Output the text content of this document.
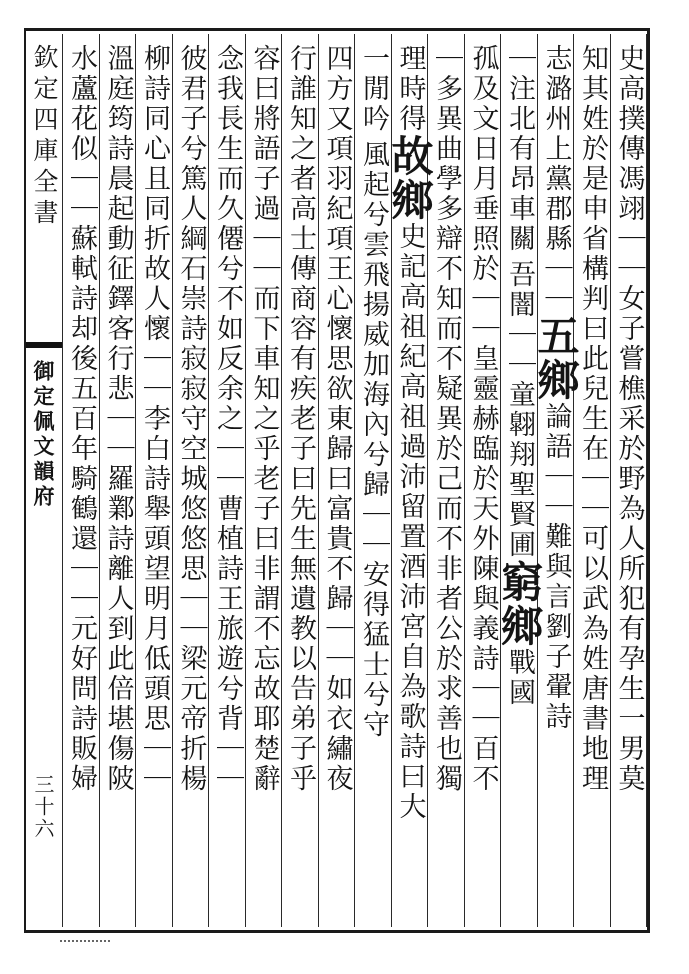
欽定四庫全書
御定佩文韻府
三十六
史高撲傳馮翊｜｜女子嘗樵采於野為人所犯有孕生一男莫
知其姓於是申省構判曰此兒生在｜｜可以武為姓唐書地理
志潞州上黨郡縣｜｜五鄉論語｜｜難與言劉子翬詩
｜注北有昂車關吾闇｜｜童翺翔聖賢圃窮鄉戰國
孤及文日月垂照於｜｜皇靈赫臨於天外陳與義詩｜｜百不
｜多異曲學多辯不知而不疑異於己而不非者公於求善也獨
理時得故鄉史記高祖紀高祖過沛留置酒沛宮自為歌詩曰大
一閒吟風起兮雲飛揚威加海內兮歸｜｜安得猛士兮守
四方又項羽紀項王心懷思欲東歸曰富貴不歸｜｜如衣繡夜
行誰知之者高士傳商容有疾老子曰先生無遺教以告弟子乎
容曰將語子過｜｜而下車知之乎老子曰非謂不忘故耶楚辭
念我長生而久僊兮不如反余之｜｜曹植詩王旅遊兮背｜｜
彼君子兮篤人綱石崇詩寂寂守空城悠悠思｜｜梁元帝折楊
柳詩同心且同折故人懷｜｜李白詩舉頭望明月低頭思｜｜
溫庭筠詩晨起動征鐸客行悲｜｜羅鄴詩離人到此倍堪傷陂
水蘆花似｜｜蘇軾詩却後五百年騎鶴還｜｜元好問詩販婦
